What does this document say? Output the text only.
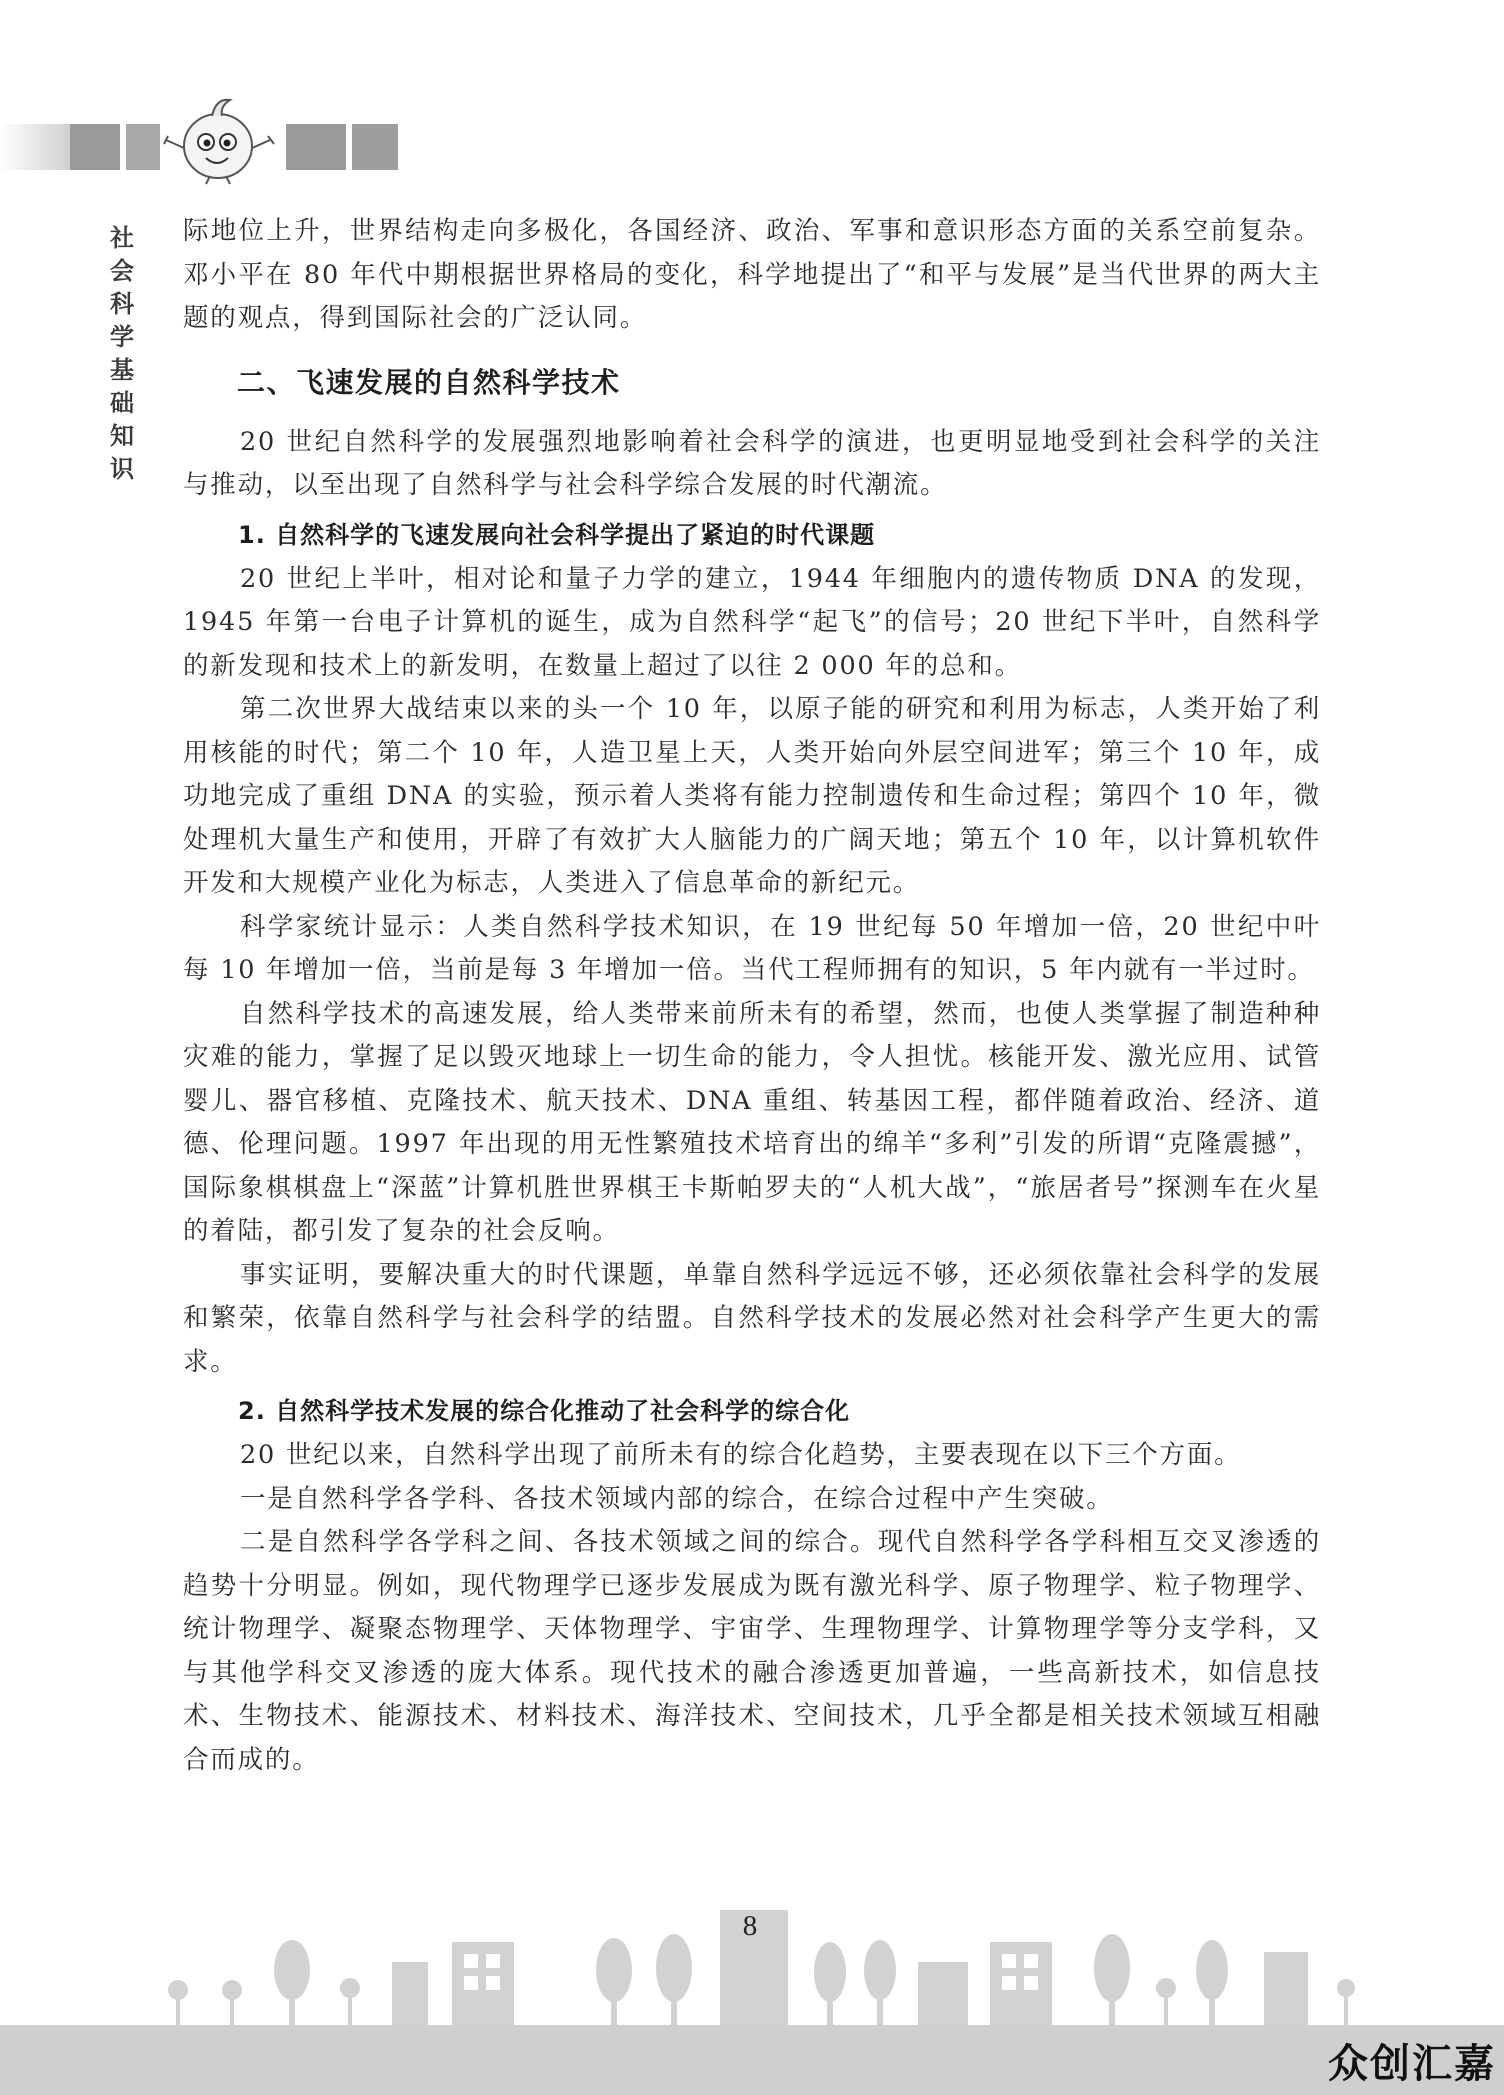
社
会
科
学
基
础
知
识

际地位上升，世界结构走向多极化，各国经济、政治、军事和意识形态方面的关系空前复杂。邓小平在 80 年代中期根据世界格局的变化，科学地提出了“和平与发展”是当代世界的两大主题的观点，得到国际社会的广泛认同。

二、飞速发展的自然科学技术

20 世纪自然科学的发展强烈地影响着社会科学的演进，也更明显地受到社会科学的关注与推动，以至出现了自然科学与社会科学综合发展的时代潮流。

1. 自然科学的飞速发展向社会科学提出了紧迫的时代课题

20 世纪上半叶，相对论和量子力学的建立，1944 年细胞内的遗传物质 DNA 的发现，1945 年第一台电子计算机的诞生，成为自然科学“起飞”的信号；20 世纪下半叶，自然科学的新发现和技术上的新发明，在数量上超过了以往 2 000 年的总和。

第二次世界大战结束以来的头一个 10 年，以原子能的研究和利用为标志，人类开始了利用核能的时代；第二个 10 年，人造卫星上天，人类开始向外层空间进军；第三个 10 年，成功地完成了重组 DNA 的实验，预示着人类将有能力控制遗传和生命过程；第四个 10 年，微处理机大量生产和使用，开辟了有效扩大人脑能力的广阔天地；第五个 10 年，以计算机软件开发和大规模产业化为标志，人类进入了信息革命的新纪元。

科学家统计显示：人类自然科学技术知识，在 19 世纪每 50 年增加一倍，20 世纪中叶每 10 年增加一倍，当前是每 3 年增加一倍。当代工程师拥有的知识，5 年内就有一半过时。

自然科学技术的高速发展，给人类带来前所未有的希望，然而，也使人类掌握了制造种种灾难的能力，掌握了足以毁灭地球上一切生命的能力，令人担忧。核能开发、激光应用、试管婴儿、器官移植、克隆技术、航天技术、DNA 重组、转基因工程，都伴随着政治、经济、道德、伦理问题。1997 年出现的用无性繁殖技术培育出的绵羊“多利”引发的所谓“克隆震撼”，国际象棋棋盘上“深蓝”计算机胜世界棋王卡斯帕罗夫的“人机大战”，“旅居者号”探测车在火星的着陆，都引发了复杂的社会反响。

事实证明，要解决重大的时代课题，单靠自然科学远远不够，还必须依靠社会科学的发展和繁荣，依靠自然科学与社会科学的结盟。自然科学技术的发展必然对社会科学产生更大的需求。

2. 自然科学技术发展的综合化推动了社会科学的综合化

20 世纪以来，自然科学出现了前所未有的综合化趋势，主要表现在以下三个方面。

一是自然科学各学科、各技术领域内部的综合，在综合过程中产生突破。

二是自然科学各学科之间、各技术领域之间的综合。现代自然科学各学科相互交叉渗透的趋势十分明显。例如，现代物理学已逐步发展成为既有激光科学、原子物理学、粒子物理学、统计物理学、凝聚态物理学、天体物理学、宇宙学、生理物理学、计算物理学等分支学科，又与其他学科交叉渗透的庞大体系。现代技术的融合渗透更加普遍，一些高新技术，如信息技术、生物技术、能源技术、材料技术、海洋技术、空间技术，几乎全都是相关技术领域互相融合而成的。

8
众创汇嘉
